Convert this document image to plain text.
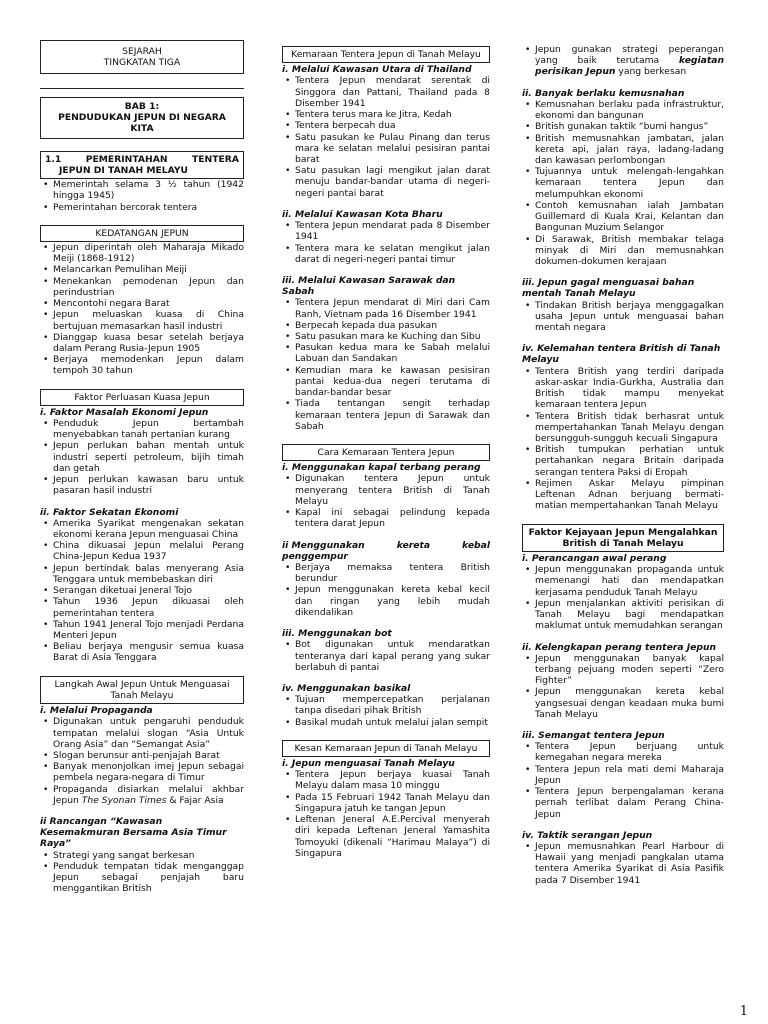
SEJARAH
TINGKATAN TIGA
BAB 1:
PENDUDUKAN JEPUN DI NEGARA KITA
1.1	PEMERINTAHAN	TENTERA
JEPUN DI TANAH MELAYU
• Memerintah selama 3 ½ tahun (1942 hingga 1945)
• Pemerintahan bercorak tentera
KEDATANGAN JEPUN
• Jepun diperintah oleh Maharaja Mikado Meiji (1868-1912)
• Melancarkan Pemulihan Meiji
• Menekankan pemodenan Jepun dan perindustrian
• Mencontohi negara Barat
• Jepun meluaskan kuasa di China bertujuan memasarkan hasil industri
• Dianggap kuasa besar setelah berjaya dalam Perang Rusia-Jepun 1905
• Berjaya memodenkan Jepun dalam tempoh 30 tahun
Faktor Perluasan Kuasa Jepun
i. Faktor Masalah Ekonomi Jepun
• Penduduk Jepun bertambah menyebabkan tanah pertanian kurang
• Jepun perlukan bahan mentah untuk industri seperti petroleum, bijih timah dan getah
• Jepun perlukan kawasan baru untuk pasaran hasil industri
ii. Faktor Sekatan Ekonomi
• Amerika Syarikat mengenakan sekatan ekonomi kerana Jepun menguasai China
• China dikuasai Jepun melalui Perang China-Jepun Kedua 1937
• Jepun bertindak balas menyerang Asia Tenggara untuk membebaskan diri
• Serangan diketuai Jeneral Tojo
• Tahun 1936 Jepun dikuasai oleh pemerintahan tentera
• Tahun 1941 Jeneral Tojo menjadi Perdana Menteri Jepun
• Beliau berjaya mengusir semua kuasa Barat di Asia Tenggara
Langkah Awal Jepun Untuk Menguasai Tanah Melayu
i. Melalui Propaganda
• Digunakan untuk pengaruhi penduduk tempatan melalui slogan “Asia Untuk Orang Asia” dan “Semangat Asia”
• Slogan berunsur anti-penjajah Barat
• Banyak menonjolkan imej Jepun sebagai pembela negara-negara di Timur
• Propaganda disiarkan melalui akhbar Jepun The Syonan Times & Fajar Asia
ii Rancangan “Kawasan Kesemakmuran Bersama Asia Timur Raya”
• Strategi yang sangat berkesan
• Penduduk tempatan tidak menganggap Jepun sebagai penjajah baru menggantikan British
Kemaraan Tentera Jepun di Tanah Melayu
i. Melalui Kawasan Utara di Thailand
• Tentera Jepun mendarat serentak di Singgora dan Pattani, Thailand pada 8 Disember 1941
• Tentera terus mara ke Jitra, Kedah
• Tentera berpecah dua
• Satu pasukan ke Pulau Pinang dan terus mara ke selatan melalui pesisiran pantai barat
• Satu pasukan lagi mengikut jalan darat menuju bandar-bandar utama di negeri-negeri pantai barat
ii. Melalui Kawasan Kota Bharu
• Tentera Jepun mendarat pada 8 Disember 1941
• Tentera mara ke selatan mengikut jalan darat di negeri-negeri pantai timur
iii. Melalui Kawasan Sarawak dan Sabah
• Tentera Jepun mendarat di Miri dari Cam Ranh, Vietnam pada 16 Disember 1941
• Berpecah kepada dua pasukan
• Satu pasukan mara ke Kuching dan Sibu
• Pasukan kedua mara ke Sabah melalui Labuan dan Sandakan
• Kemudian mara ke kawasan pesisiran pantai kedua-dua negeri terutama di bandar-bandar besar
• Tiada tentangan sengit terhadap kemaraan tentera Jepun di Sarawak dan Sabah
Cara Kemaraan Tentera Jepun
i. Menggunakan kapal terbang perang
• Digunakan tentera Jepun untuk menyerang tentera British di Tanah Melayu
• Kapal ini sebagai pelindung kepada tentera darat Jepun
ii Menggunakan	kereta	kebal
penggempur
• Berjaya memaksa tentera British berundur
• Jepun menggunakan kereta kebal kecil dan ringan yang lebih mudah dikendalikan
iii. Menggunakan bot
• Bot digunakan untuk mendaratkan tenteranya dari kapal perang yang sukar berlabuh di pantai
iv. Menggunakan basikal
• Tujuan mempercepatkan perjalanan tanpa disedari pihak British
• Basikal mudah untuk melalui jalan sempit
Kesan Kemaraan Jepun di Tanah Melayu
i. Jepun menguasai Tanah Melayu
• Tentera Jepun berjaya kuasai Tanah Melayu dalam masa 10 minggu
• Pada 15 Februari 1942 Tanah Melayu dan Singapura jatuh ke tangan Jepun
• Leftenan Jeneral A.E.Percival menyerah diri kepada Leftenan Jeneral Yamashita Tomoyuki (dikenali “Harimau Malaya”) di Singapura
• Jepun gunakan strategi peperangan yang baik terutama kegiatan perisikan Jepun yang berkesan
ii. Banyak berlaku kemusnahan
• Kemusnahan berlaku pada infrastruktur, ekonomi dan bangunan
• British gunakan taktik “bumi hangus”
• British memusnahkan jambatan, jalan kereta api, jalan raya, ladang-ladang dan kawasan perlombongan
• Tujuannya untuk melengah-lengahkan kemaraan tentera Jepun dan melumpuhkan ekonomi
• Contoh kemusnahan ialah Jambatan Guillemard di Kuala Krai, Kelantan dan Bangunan Muzium Selangor
• Di Sarawak, British membakar telaga minyak di Miri dan memusnahkan dokumen-dokumen kerajaan
iii. Jepun gagal menguasai bahan mentah Tanah Melayu
• Tindakan British berjaya menggagalkan usaha Jepun untuk menguasai bahan mentah negara
iv. Kelemahan tentera British di Tanah Melayu
• Tentera British yang terdiri daripada askar-askar India-Gurkha, Australia dan British tidak mampu menyekat kemaraan tentera Jepun
• Tentera British tidak berhasrat untuk mempertahankan Tanah Melayu dengan bersungguh-sungguh kecuali Singapura
• British tumpukan perhatian untuk pertahankan negara Britain daripada serangan tentera Paksi di Eropah
• Rejimen Askar Melayu pimpinan Leftenan Adnan berjuang bermati-matian mempertahankan Tanah Melayu
Faktor Kejayaan Jepun Mengalahkan British di Tanah Melayu
i. Perancangan awal perang
• Jepun menggunakan propaganda untuk memenangi hati dan mendapatkan kerjasama penduduk Tanah Melayu
• Jepun menjalankan aktiviti perisikan di Tanah Melayu bagi mendapatkan maklumat untuk memudahkan serangan
ii. Kelengkapan perang tentera Jepun
• Jepun menggunakan banyak kapal terbang pejuang moden seperti “Zero Fighter”
• Jepun menggunakan kereta kebal yangsesuai dengan keadaan muka bumi Tanah Melayu
iii. Semangat tentera Jepun
• Tentera Jepun berjuang untuk kemegahan negara mereka
• Tentera Jepun rela mati demi Maharaja Jepun
• Tentera Jepun berpengalaman kerana pernah terlibat dalam Perang China-Jepun
iv. Taktik serangan Jepun
• Jepun memusnahkan Pearl Harbour di Hawaii yang menjadi pangkalan utama tentera Amerika Syarikat di Asia Pasifik pada 7 Disember 1941
1
